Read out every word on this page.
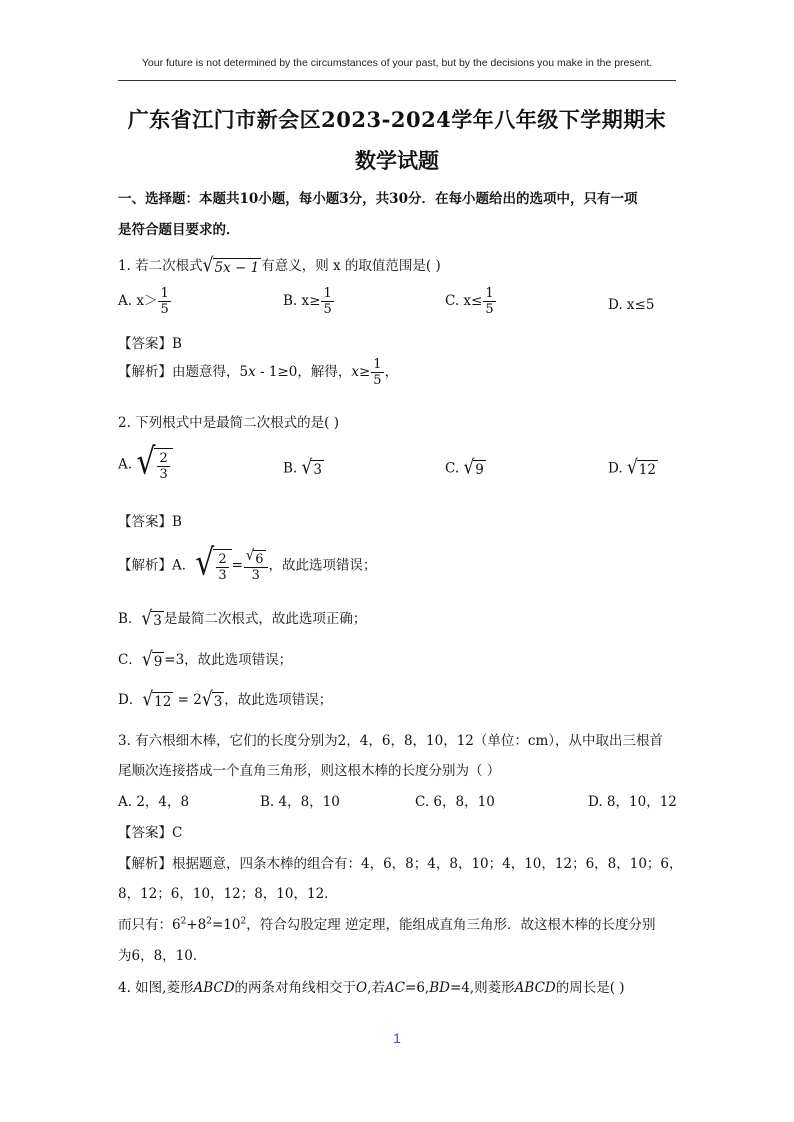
Your future is not determined by the circumstances of your past, but by the decisions you make in the present.
广东省江门市新会区2023-2024学年八年级下学期期末
数学试题
一、选择题：本题共10小题，每小题3分，共30分．在每小题给出的选项中，只有一项
是符合题目要求的．
1. 若二次根式 √ 5x − 1 有意义，则 x 的取值范围是( )
A. $x> \frac{1}{5}$	B. $x\ge \frac{1}{5}$	C. $x\le \frac{1}{5}$	D. x≤5
【答案】B
【解析】由题意得，5x - 1≥0，解得，$x\ge \frac{1}{5}$ ，
2. 下列根式中是最简二次根式的是( )
A. √ $\frac{2}{3}$	B. √ 3	C. √ 9	D. √ 12
【答案】B
【解析】A． √ $\frac{2}{3} = \frac{√ 6}{3}$ ，故此选项错误；
B． √ 3 是最简二次根式，故此选项正确；
C． √ 9 =3，故此选项错误；
D． √ 12 = 2 √ 3 ，故此选项错误；
3. 有六根细木棒，它们的长度分别为2，4，6，8，10，12（单位：cm），从中取出三根首
尾顺次连接搭成一个直角三角形，则这根木棒的长度分别为（ ）
A. 2，4，8	B. 4，8，10	C. 6，8，10	D. 8，10，12
【答案】C
【解析】根据题意，四条木棒的组合有：4，6，8；4，8，10；4，10，12；6，8，10；6，
8，12；6，10，12；8，10，12．
而只有：$6^2+8^2=10^2$，符合勾股定理 逆定理，能组成直角三角形．故这根木棒的长度分别
为6，8，10．
4. 如图,菱形ABCD的两条对角线相交于O,若AC=6,BD=4,则菱形ABCD的周长是( )
1
